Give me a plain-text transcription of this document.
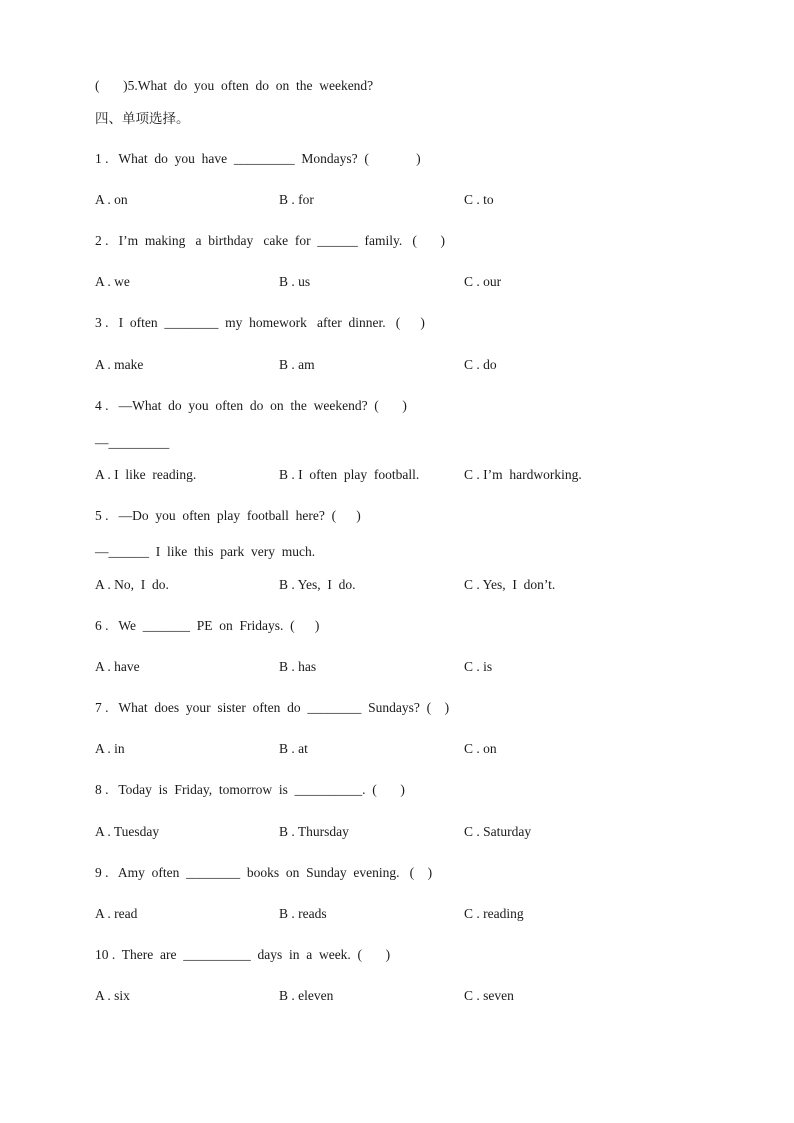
(       )5.What  do  you  often  do  on  the  weekend?
四、单项选择。
1 .   What  do  you  have  _________  Mondays?  (              )
A . on	B . for	C . to
2 .   I’m  making   a  birthday   cake  for  ______  family.   (       )
A . we	B . us	C . our
3 .   I  often  ________  my  homework   after  dinner.   (      )
A . make	B . am	C . do
4 .   —What  do  you  often  do  on  the  weekend?  (       )
—_________
A . I  like  reading.	B . I  often  play  football.	C . I’m  hardworking.
5 .   —Do  you  often  play  football  here?  (      )
—______  I  like  this  park  very  much.
A . No,  I  do.	B . Yes,  I  do.	C . Yes,  I  don’t.
6 .   We  _______  PE  on  Fridays.  (      )
A . have	B . has	C . is
7 .   What  does  your  sister  often  do  ________  Sundays?  (    )
A . in	B . at	C . on
8 .   Today  is  Friday,  tomorrow  is  __________.  (       )
A . Tuesday	B . Thursday	C . Saturday
9 .   Amy  often  ________  books  on  Sunday  evening.   (    )
A . read	B . reads	C . reading
10 .  There  are  __________  days  in  a  week.  (       )
A . six	B . eleven	C . seven
